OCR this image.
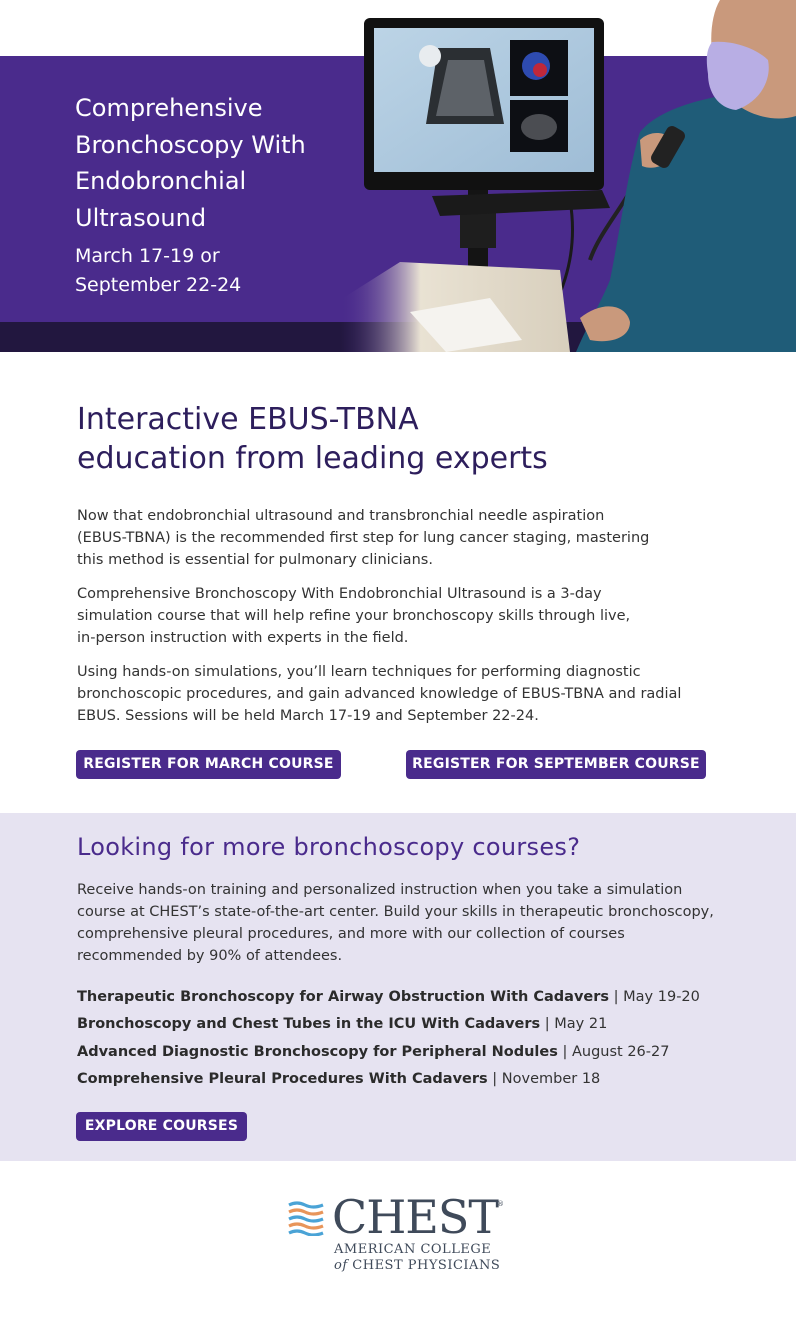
Comprehensive
Bronchoscopy With
Endobronchial
Ultrasound
March 17-19 or
September 22-24
Interactive EBUS-TBNA
education from leading experts
Now that endobronchial ultrasound and transbronchial needle aspiration
(EBUS-TBNA) is the recommended first step for lung cancer staging, mastering
this method is essential for pulmonary clinicians.
Comprehensive Bronchoscopy With Endobronchial Ultrasound is a 3-day
simulation course that will help refine your bronchoscopy skills through live,
in-person instruction with experts in the field.
Using hands-on simulations, you’ll learn techniques for performing diagnostic
bronchoscopic procedures, and gain advanced knowledge of EBUS-TBNA and radial
EBUS. Sessions will be held March 17-19 and September 22-24.
REGISTER FOR MARCH COURSE	REGISTER FOR SEPTEMBER COURSE
Looking for more bronchoscopy courses?
Receive hands-on training and personalized instruction when you take a simulation
course at CHEST’s state-of-the-art center. Build your skills in therapeutic bronchoscopy,
comprehensive pleural procedures, and more with our collection of courses
recommended by 90% of attendees.
Therapeutic Bronchoscopy for Airway Obstruction With Cadavers | May 19-20
Bronchoscopy and Chest Tubes in the ICU With Cadavers | May 21
Advanced Diagnostic Bronchoscopy for Peripheral Nodules | August 26-27
Comprehensive Pleural Procedures With Cadavers | November 18
EXPLORE COURSES
CHEST
®
AMERICAN COLLEGE
of CHEST PHYSICIANS
